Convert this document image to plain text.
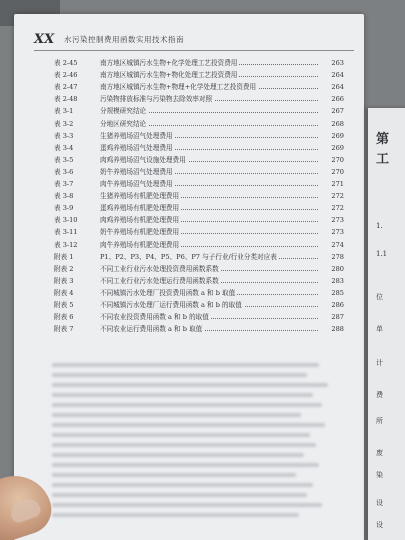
XX 水污染控制费用函数实用技术指南
表 2-45	南方地区城镇污水生物+化学处理工艺投资费用	263
表 2-46	南方地区城镇污水生物+物化处理工艺投资费用	264
表 2-47	南方地区城镇污水生物+物理+化学处理工艺投资费用	264
表 2-48	污染物排放标准与污染物去除效率对照	266
表 3-1	分规模研究结论	267
表 3-2	分地区研究结论	268
表 3-3	生猪养殖场沼气处理费用	269
表 3-4	蛋鸡养殖场沼气处理费用	269
表 3-5	肉鸡养殖场沼气设施处理费用	270
表 3-6	奶牛养殖场沼气处理费用	270
表 3-7	肉牛养殖场沼气处理费用	271
表 3-8	生猪养殖场有机肥处理费用	272
表 3-9	蛋鸡养殖场有机肥处理费用	272
表 3-10	肉鸡养殖场有机肥处理费用	273
表 3-11	奶牛养殖场有机肥处理费用	273
表 3-12	肉牛养殖场有机肥处理费用	274
附表 1	P1、P2、P3、P4、P5、P6、P7 与子行业/行业分类对应表	278
附表 2	不同工业行业污水处理投资费用函数系数	280
附表 3	不同工业行业污水处理运行费用函数系数	283
附表 4	不同城镇污水处理厂投资费用函数 a 和 b 取值	285
附表 5	不同城镇污水处理厂运行费用函数 a 和 b 的取值	286
附表 6	不同农业投资费用函数 a 和 b 的取值	287
附表 7	不同农业运行费用函数 a 和 b 取值	288
第
工
1.
1.1
位
单
计
费
所
废
染
设
设
